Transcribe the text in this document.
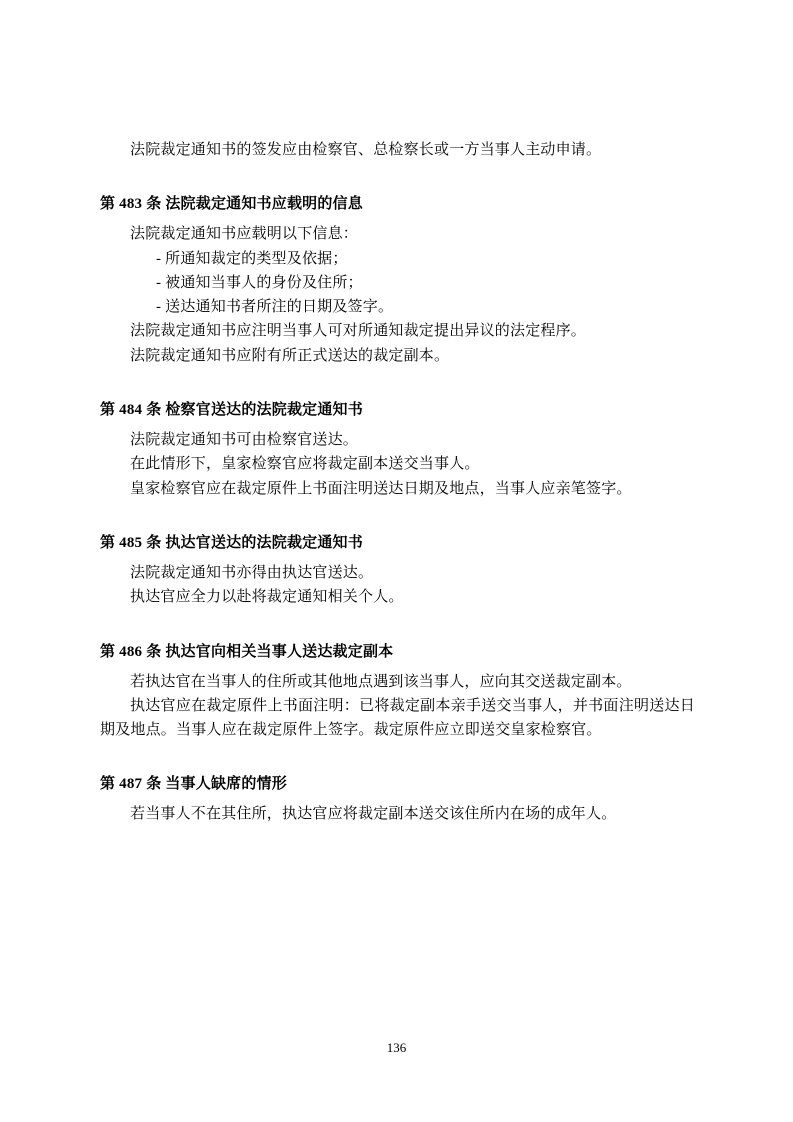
法院裁定通知书的签发应由检察官、总检察长或一方当事人主动申请。

第 483 条 法院裁定通知书应载明的信息

法院裁定通知书应载明以下信息：

- 所通知裁定的类型及依据；

- 被通知当事人的身份及住所；

- 送达通知书者所注的日期及签字。

法院裁定通知书应注明当事人可对所通知裁定提出异议的法定程序。

法院裁定通知书应附有所正式送达的裁定副本。

第 484 条 检察官送达的法院裁定通知书

法院裁定通知书可由检察官送达。

在此情形下，皇家检察官应将裁定副本送交当事人。

皇家检察官应在裁定原件上书面注明送达日期及地点，当事人应亲笔签字。

第 485 条 执达官送达的法院裁定通知书

法院裁定通知书亦得由执达官送达。

执达官应全力以赴将裁定通知相关个人。

第 486 条 执达官向相关当事人送达裁定副本

若执达官在当事人的住所或其他地点遇到该当事人，应向其交送裁定副本。

执达官应在裁定原件上书面注明：已将裁定副本亲手送交当事人，并书面注明送达日期及地点。当事人应在裁定原件上签字。裁定原件应立即送交皇家检察官。

第 487 条 当事人缺席的情形

若当事人不在其住所，执达官应将裁定副本送交该住所内在场的成年人。

136
